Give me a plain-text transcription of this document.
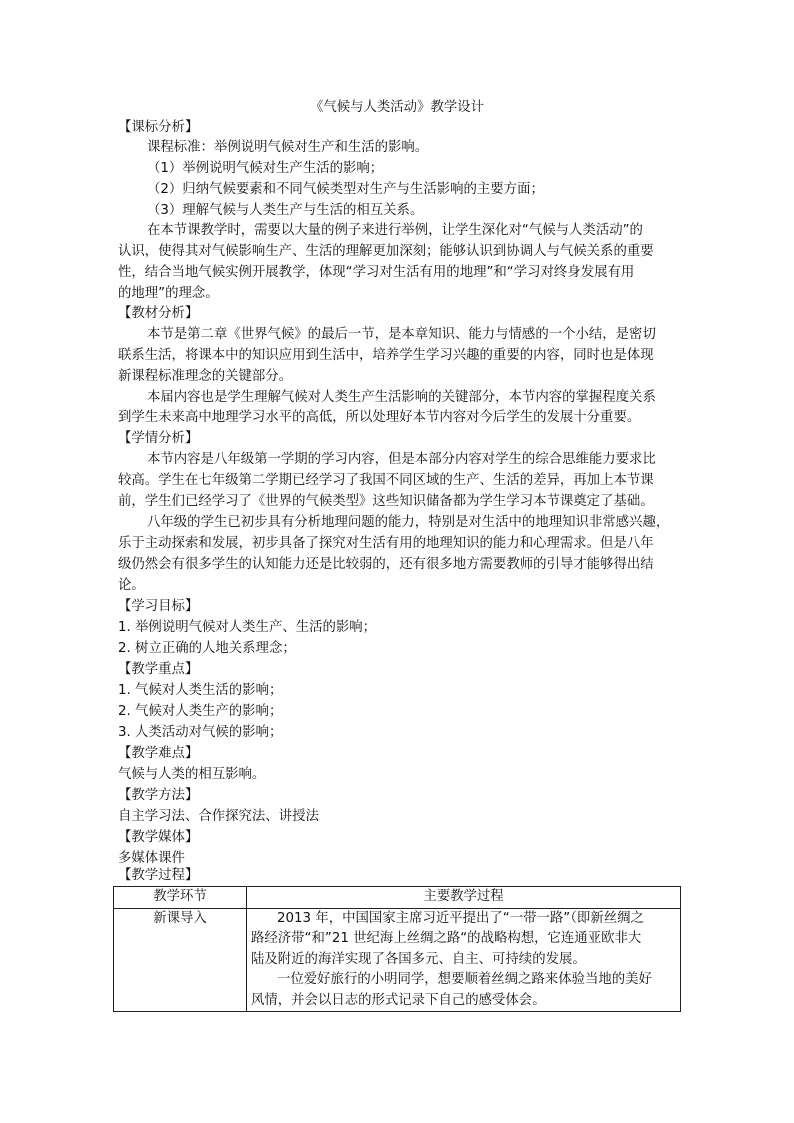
《气候与人类活动》教学设计
【课标分析】
课程标准：举例说明气候对生产和生活的影响。
（1）举例说明气候对生产生活的影响；
（2）归纳气候要素和不同气候类型对生产与生活影响的主要方面；
（3）理解气候与人类生产与生活的相互关系。
在本节课教学时，需要以大量的例子来进行举例，让学生深化对“气候与人类活动”的
认识，使得其对气候影响生产、生活的理解更加深刻；能够认识到协调人与气候关系的重要
性，结合当地气候实例开展教学，体现“学习对生活有用的地理”和“学习对终身发展有用
的地理”的理念。
【教材分析】
本节是第二章《世界气候》的最后一节，是本章知识、能力与情感的一个小结，是密切
联系生活，将课本中的知识应用到生活中，培养学生学习兴趣的重要的内容，同时也是体现
新课程标准理念的关键部分。
本届内容也是学生理解气候对人类生产生活影响的关键部分，本节内容的掌握程度关系
到学生未来高中地理学习水平的高低，所以处理好本节内容对今后学生的发展十分重要。
【学情分析】
本节内容是八年级第一学期的学习内容，但是本部分内容对学生的综合思维能力要求比
较高。学生在七年级第二学期已经学习了我国不同区域的生产、生活的差异，再加上本节课
前，学生们已经学习了《世界的气候类型》这些知识储备都为学生学习本节课奠定了基础。
八年级的学生已初步具有分析地理问题的能力，特别是对生活中的地理知识非常感兴趣，
乐于主动探索和发展，初步具备了探究对生活有用的地理知识的能力和心理需求。但是八年
级仍然会有很多学生的认知能力还是比较弱的，还有很多地方需要教师的引导才能够得出结
论。
【学习目标】
1. 举例说明气候对人类生产、生活的影响；
2. 树立正确的人地关系理念；
【教学重点】
1. 气候对人类生活的影响；
2. 气候对人类生产的影响；
3. 人类活动对气候的影响；
【教学难点】
气候与人类的相互影响。
【教学方法】
自主学习法、合作探究法、讲授法
【教学媒体】
多媒体课件
【教学过程】
教学环节	主要教学过程
新课导入	2013 年，中国国家主席习近平提出了“一带一路”（即新丝绸之
路经济带“和”21 世纪海上丝绸之路“的战略构想，它连通亚欧非大
陆及附近的海洋实现了各国多元、自主、可持续的发展。
一位爱好旅行的小明同学，想要顺着丝绸之路来体验当地的美好
风情，并会以日志的形式记录下自己的感受体会。
